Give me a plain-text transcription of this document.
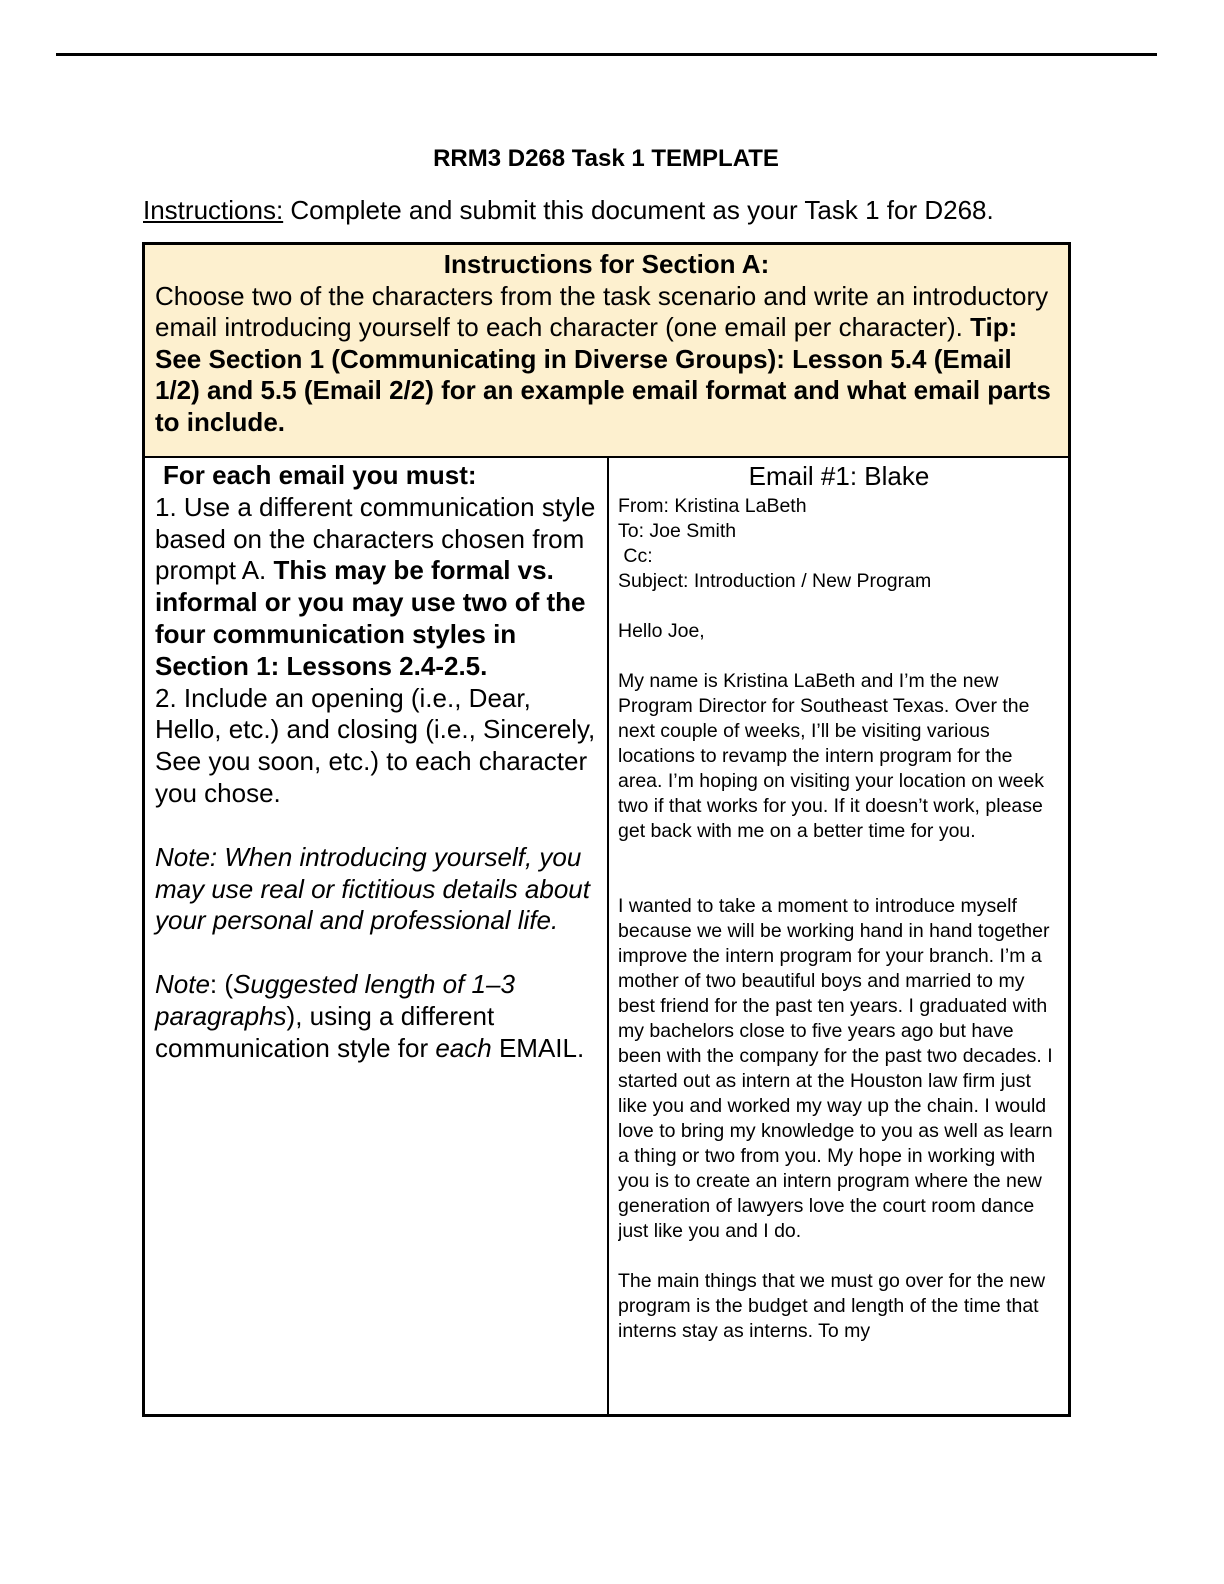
RRM3 D268 Task 1 TEMPLATE
Instructions: Complete and submit this document as your Task 1 for D268.
Instructions for Section A:
Choose two of the characters from the task scenario and write an introductory email introducing yourself to each character (one email per character). Tip: See Section 1 (Communicating in Diverse Groups): Lesson 5.4 (Email 1/2) and 5.5 (Email 2/2) for an example email format and what email parts to include.

For each email you must:

1. Use a different communication style based on the characters chosen from prompt A. This may be formal vs. informal or you may use two of the four communication styles in Section 1: Lessons 2.4-2.5.

2. Include an opening (i.e., Dear, Hello, etc.) and closing (i.e., Sincerely, See you soon, etc.) to each character you chose.

Note: When introducing yourself, you may use real or fictitious details about your personal and professional life.

Note: (Suggested length of 1–3 paragraphs), using a different communication style for each EMAIL.

Email #1: Blake
From: Kristina LaBeth
To: Joe Smith
Cc:
Subject: Introduction / New Program
Hello Joe,

My name is Kristina LaBeth and I’m the new Program Director for Southeast Texas. Over the next couple of weeks, I’ll be visiting various locations to revamp the intern program for the area. I’m hoping on visiting your location on week two if that works for you. If it doesn’t work, please get back with me on a better time for you.

I wanted to take a moment to introduce myself because we will be working hand in hand together improve the intern program for your branch. I’m a mother of two beautiful boys and married to my best friend for the past ten years. I graduated with my bachelors close to five years ago but have been with the company for the past two decades. I started out as intern at the Houston law firm just like you and worked my way up the chain. I would love to bring my knowledge to you as well as learn a thing or two from you. My hope in working with you is to create an intern program where the new generation of lawyers love the court room dance just like you and I do.

The main things that we must go over for the new program is the budget and length of the time that interns stay as interns. To my
